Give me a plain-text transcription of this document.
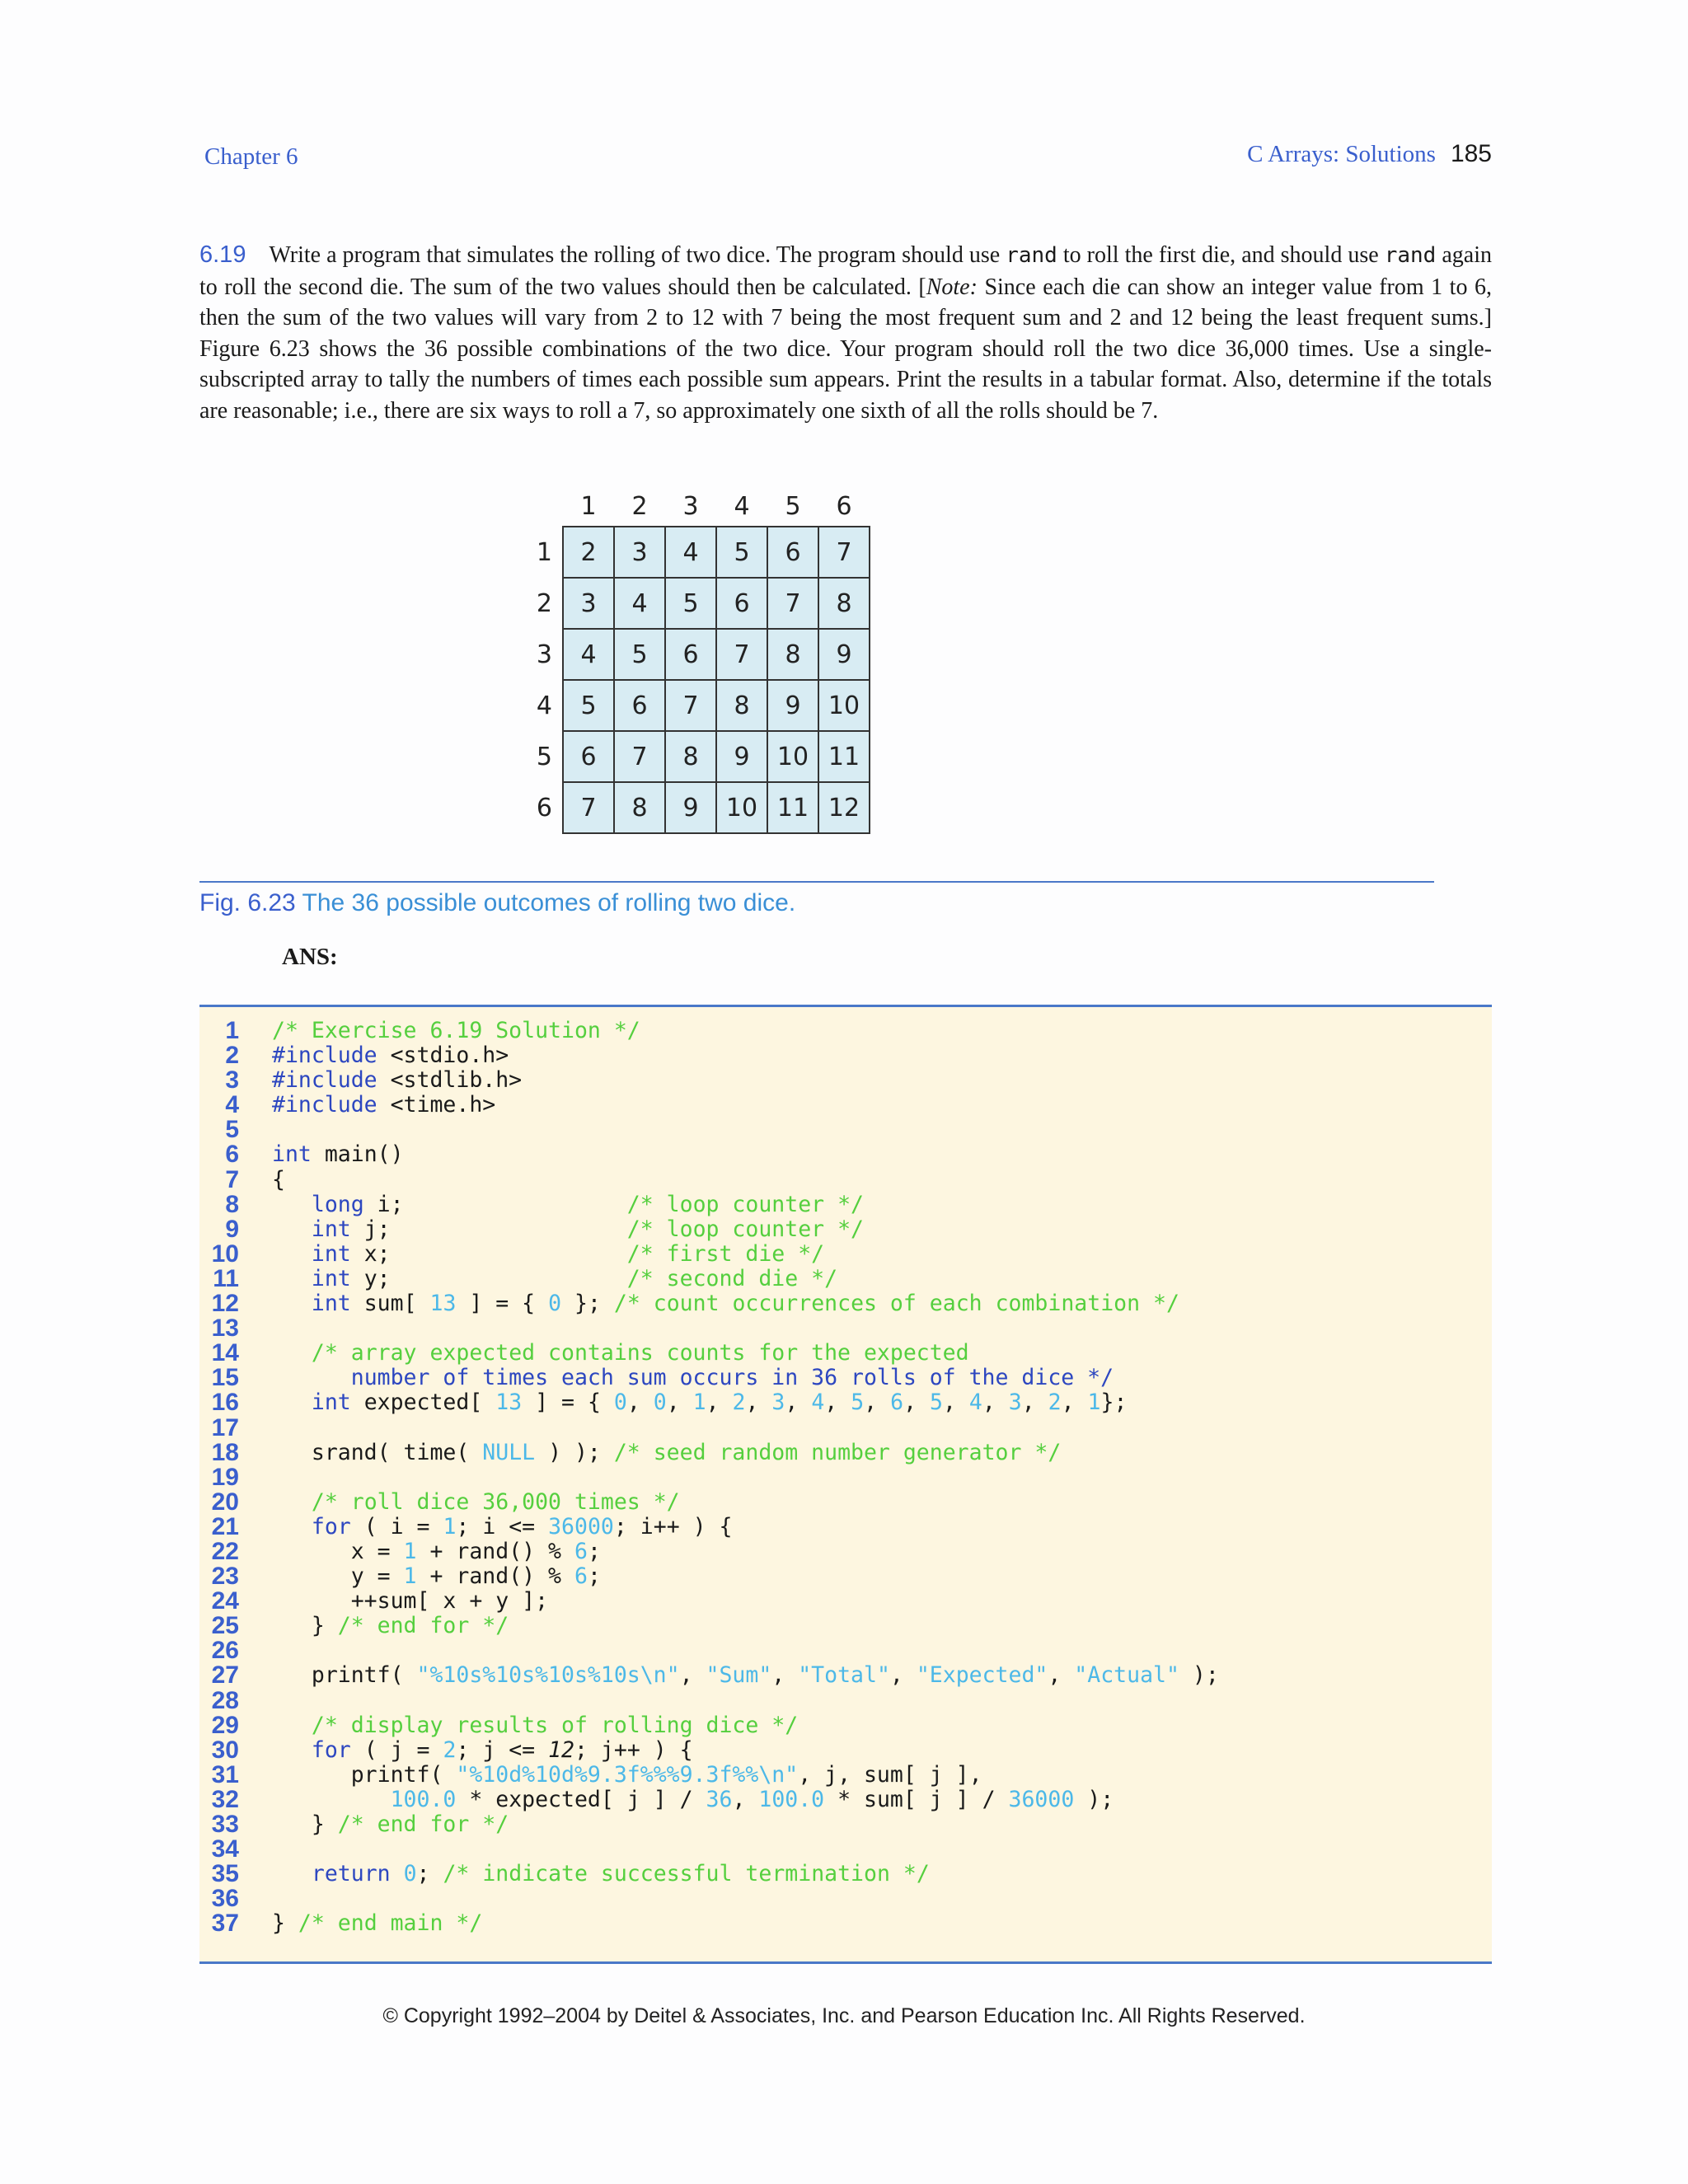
Chapter 6	C Arrays: Solutions 185
6.19 Write a program that simulates the rolling of two dice. The program should use rand to roll the first die, and should use rand again to roll the second die. The sum of the two values should then be calculated. [Note: Since each die can show an integer value from 1 to 6, then the sum of the two values will vary from 2 to 12 with 7 being the most frequent sum and 2 and 12 being the least frequent sums.] Figure 6.23 shows the 36 possible combinations of the two dice. Your program should roll the two dice 36,000 times. Use a single-subscripted array to tally the numbers of times each possible sum appears. Print the results in a tabular format. Also, determine if the totals are reasonable; i.e., there are six ways to roll a 7, so approximately one sixth of all the rolls should be 7.
	1	2	3	4	5	6
1	2	3	4	5	6	7
2	3	4	5	6	7	8
3	4	5	6	7	8	9
4	5	6	7	8	9	10
5	6	7	8	9	10	11
6	7	8	9	10	11	12
Fig. 6.23 The 36 possible outcomes of rolling two dice.
ANS:
1 /* Exercise 6.19 Solution */
2 #include <stdio.h>
3 #include <stdlib.h>
4 #include <time.h>
5
6 int main()
7 {
8	long i;                 /* loop counter */
9	int j;                  /* loop counter */
10	int x;                  /* first die */
11	int y;                  /* second die */
12	int sum[ 13 ] = { 0 }; /* count occurrences of each combination */
13
14	/* array expected contains counts for the expected
15	number of times each sum occurs in 36 rolls of the dice */
16	int expected[ 13 ] = { 0, 0, 1, 2, 3, 4, 5, 6, 5, 4, 3, 2, 1};
17
18 srand( time( NULL ) ); /* seed random number generator */
19
20	/* roll dice 36,000 times */
21	for ( i = 1; i <= 36000; i++ ) {
22 x = 1 + rand() % 6;
23 y = 1 + rand() % 6;
24 ++sum[ x + y ];
25 } /* end for */
26
27 printf( "%10s%10s%10s%10s\n", "Sum", "Total", "Expected", "Actual" );
28
29	/* display results of rolling dice */
30	for ( j = 2; j <= 12; j++ ) {
31 printf( "%10d%10d%9.3f%%%9.3f%%\n", j, sum[ j ],
32	100.0 * expected[ j ] / 36, 100.0 * sum[ j ] / 36000 );
33 } /* end for */
34
35	return 0; /* indicate successful termination */
36
37 } /* end main */
© Copyright 1992–2004 by Deitel & Associates, Inc. and Pearson Education Inc. All Rights Reserved.
